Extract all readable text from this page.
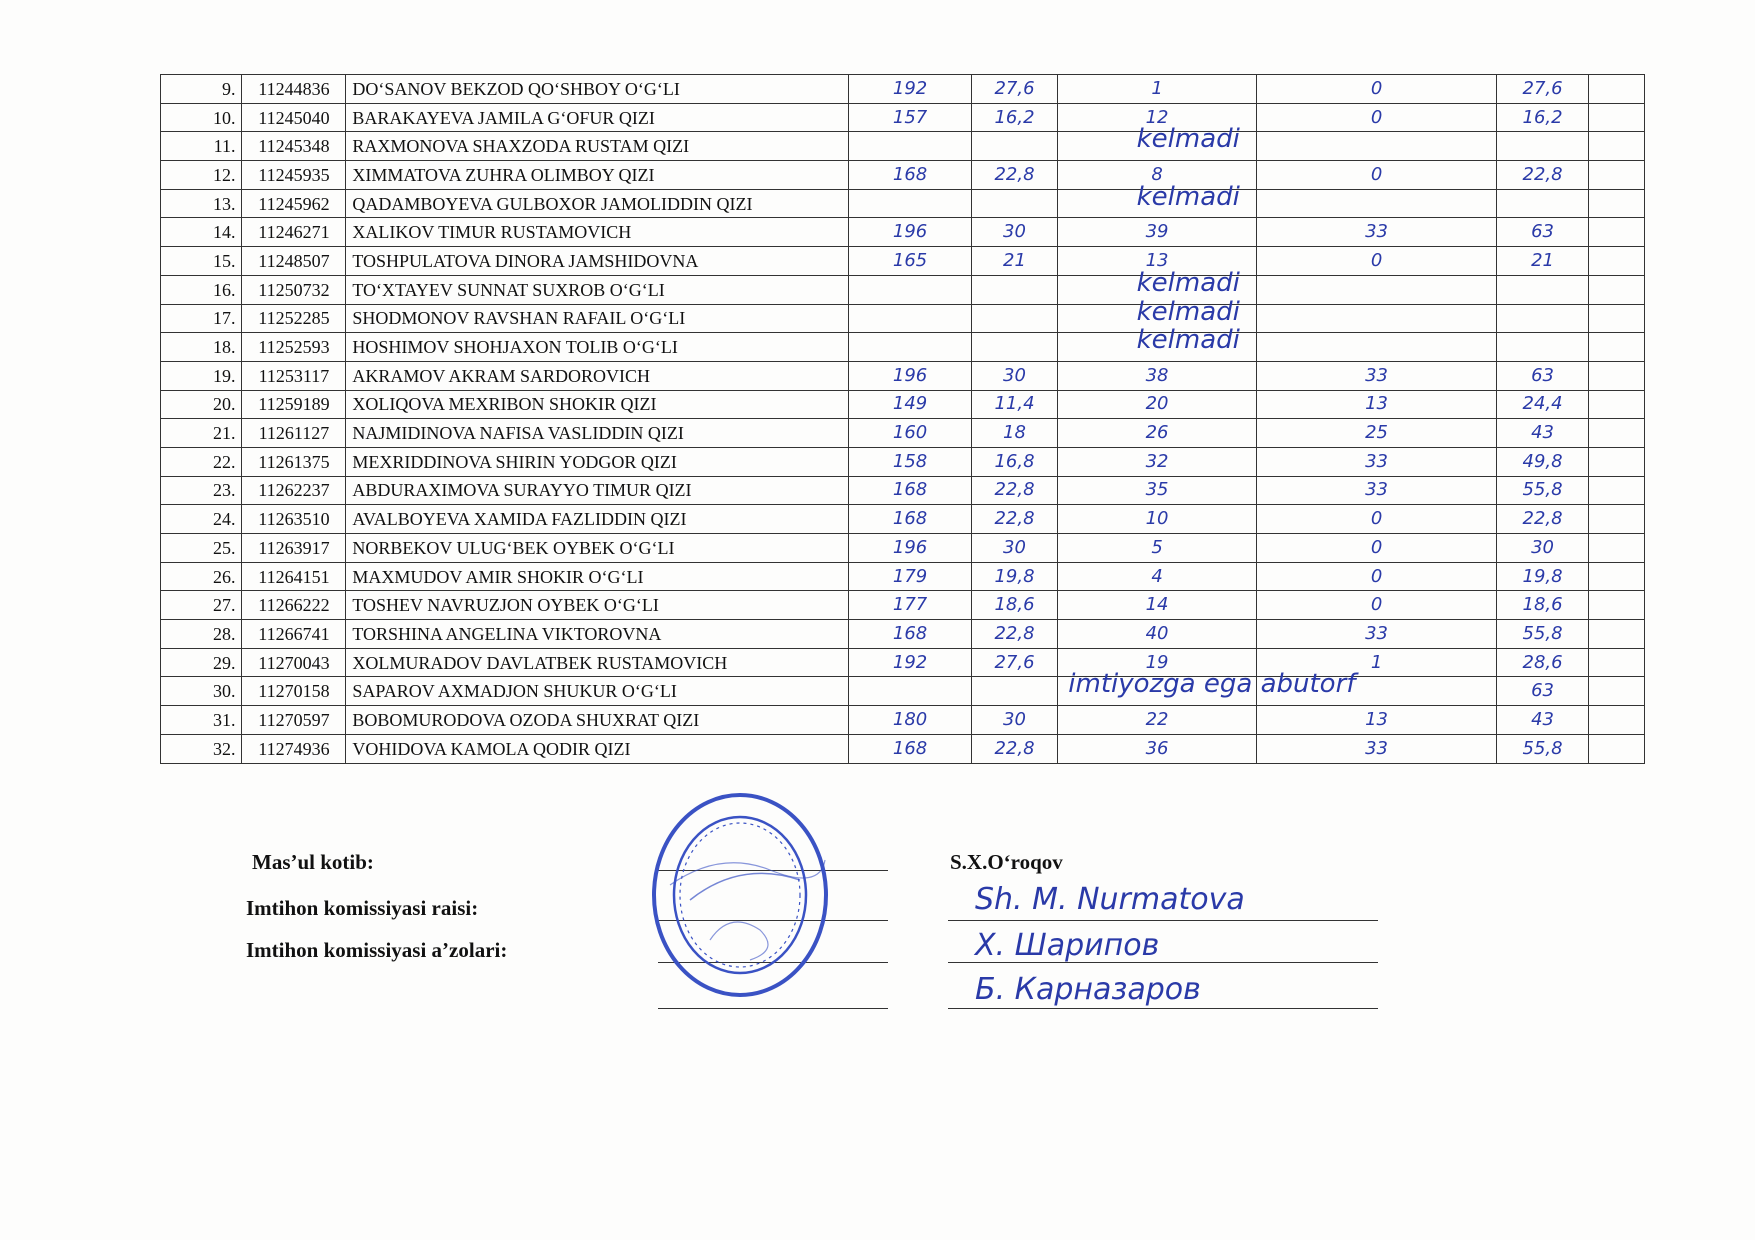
9.	11244836	DO‘SANOV BEKZOD QO‘SHBOY O‘G‘LI	192	27,6	1	0	27,6	
10.	11245040	BARAKAYEVA JAMILA G‘OFUR QIZI	157	16,2	12	0	16,2	
11.	11245348	RAXMONOVA SHAXZODA RUSTAM QIZI			kelmadi			

12.	11245935	XIMMATOVA ZUHRA OLIMBOY QIZI	168	22,8	8	0	22,8	
13.	11245962	QADAMBOYEVA GULBOXOR JAMOLIDDIN QIZI			kelmadi			

14.	11246271	XALIKOV TIMUR RUSTAMOVICH	196	30	39	33	63	
15.	11248507	TOSHPULATOVA DINORA JAMSHIDOVNA	165	21	13	0	21	
16.	11250732	TO‘XTAYEV SUNNAT SUXROB O‘G‘LI			kelmadi			

17.	11252285	SHODMONOV RAVSHAN RAFAIL O‘G‘LI			kelmadi			

18.	11252593	HOSHIMOV SHOHJAXON TOLIB O‘G‘LI			kelmadi			

19.	11253117	AKRAMOV AKRAM SARDOROVICH	196	30	38	33	63	
20.	11259189	XOLIQOVA MEXRIBON SHOKIR QIZI	149	11,4	20	13	24,4	
21.	11261127	NAJMIDINOVA NAFISA VASLIDDIN QIZI	160	18	26	25	43	
22.	11261375	MEXRIDDINOVA SHIRIN YODGOR QIZI	158	16,8	32	33	49,8	
23.	11262237	ABDURAXIMOVA SURAYYO TIMUR QIZI	168	22,8	35	33	55,8	
24.	11263510	AVALBOYEVA XAMIDA FAZLIDDIN QIZI	168	22,8	10	0	22,8	
25.	11263917	NORBEKOV ULUG‘BEK OYBEK O‘G‘LI	196	30	5	0	30	
26.	11264151	MAXMUDOV AMIR SHOKIR O‘G‘LI	179	19,8	4	0	19,8	
27.	11266222	TOSHEV NAVRUZJON OYBEK O‘G‘LI	177	18,6	14	0	18,6	
28.	11266741	TORSHINA ANGELINA VIKTOROVNA	168	22,8	40	33	55,8	
29.	11270043	XOLMURADOV DAVLATBEK RUSTAMOVICH	192	27,6	19	1	28,6	
30.	11270158	SAPAROV AXMADJON SHUKUR O‘G‘LI			imtiyozga ega abutorf		63	
31.	11270597	BOBOMURODOVA OZODA SHUXRAT QIZI	180	30	22	13	43	
32.	11274936	VOHIDOVA KAMOLA QODIR QIZI	168	22,8	36	33	55,8	
Mas’ul kotib:	S.X.O‘roqov
Imtihon komissiyasi raisi:	Sh. M. Nurmatova
Imtihon komissiyasi a’zolari:	Х. Шарипов
Б. Карназаров
